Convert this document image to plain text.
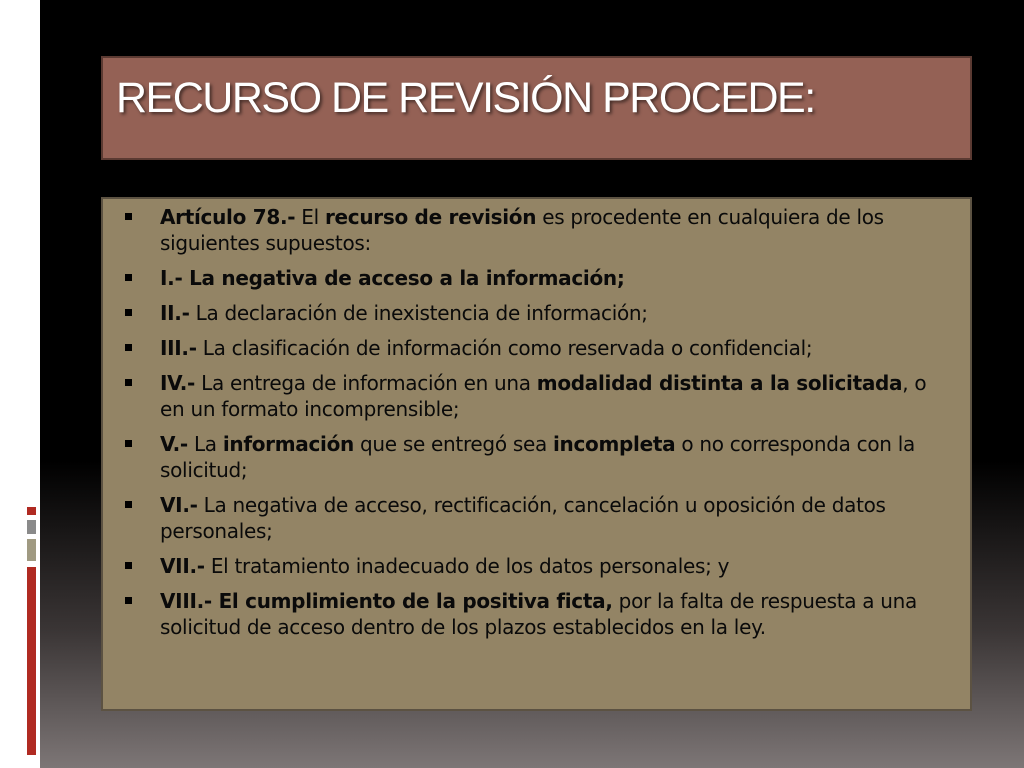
RECURSO DE REVISIÓN PROCEDE:
Artículo 78.- El recurso de revisión es procedente en cualquiera de los siguientes supuestos:
I.- La negativa de acceso a la información;
II.- La declaración de inexistencia de información;
III.- La clasificación de información como reservada o confidencial;
IV.- La entrega de información en una modalidad distinta a la solicitada, o en un formato incomprensible;
V.- La información que se entregó sea incompleta o no corresponda con la solicitud;
VI.- La negativa de acceso, rectificación, cancelación u oposición de datos personales;
VII.- El tratamiento inadecuado de los datos personales; y
VIII.- El cumplimiento de la positiva ficta, por la falta de respuesta a una solicitud de acceso dentro de los plazos establecidos en la ley.
